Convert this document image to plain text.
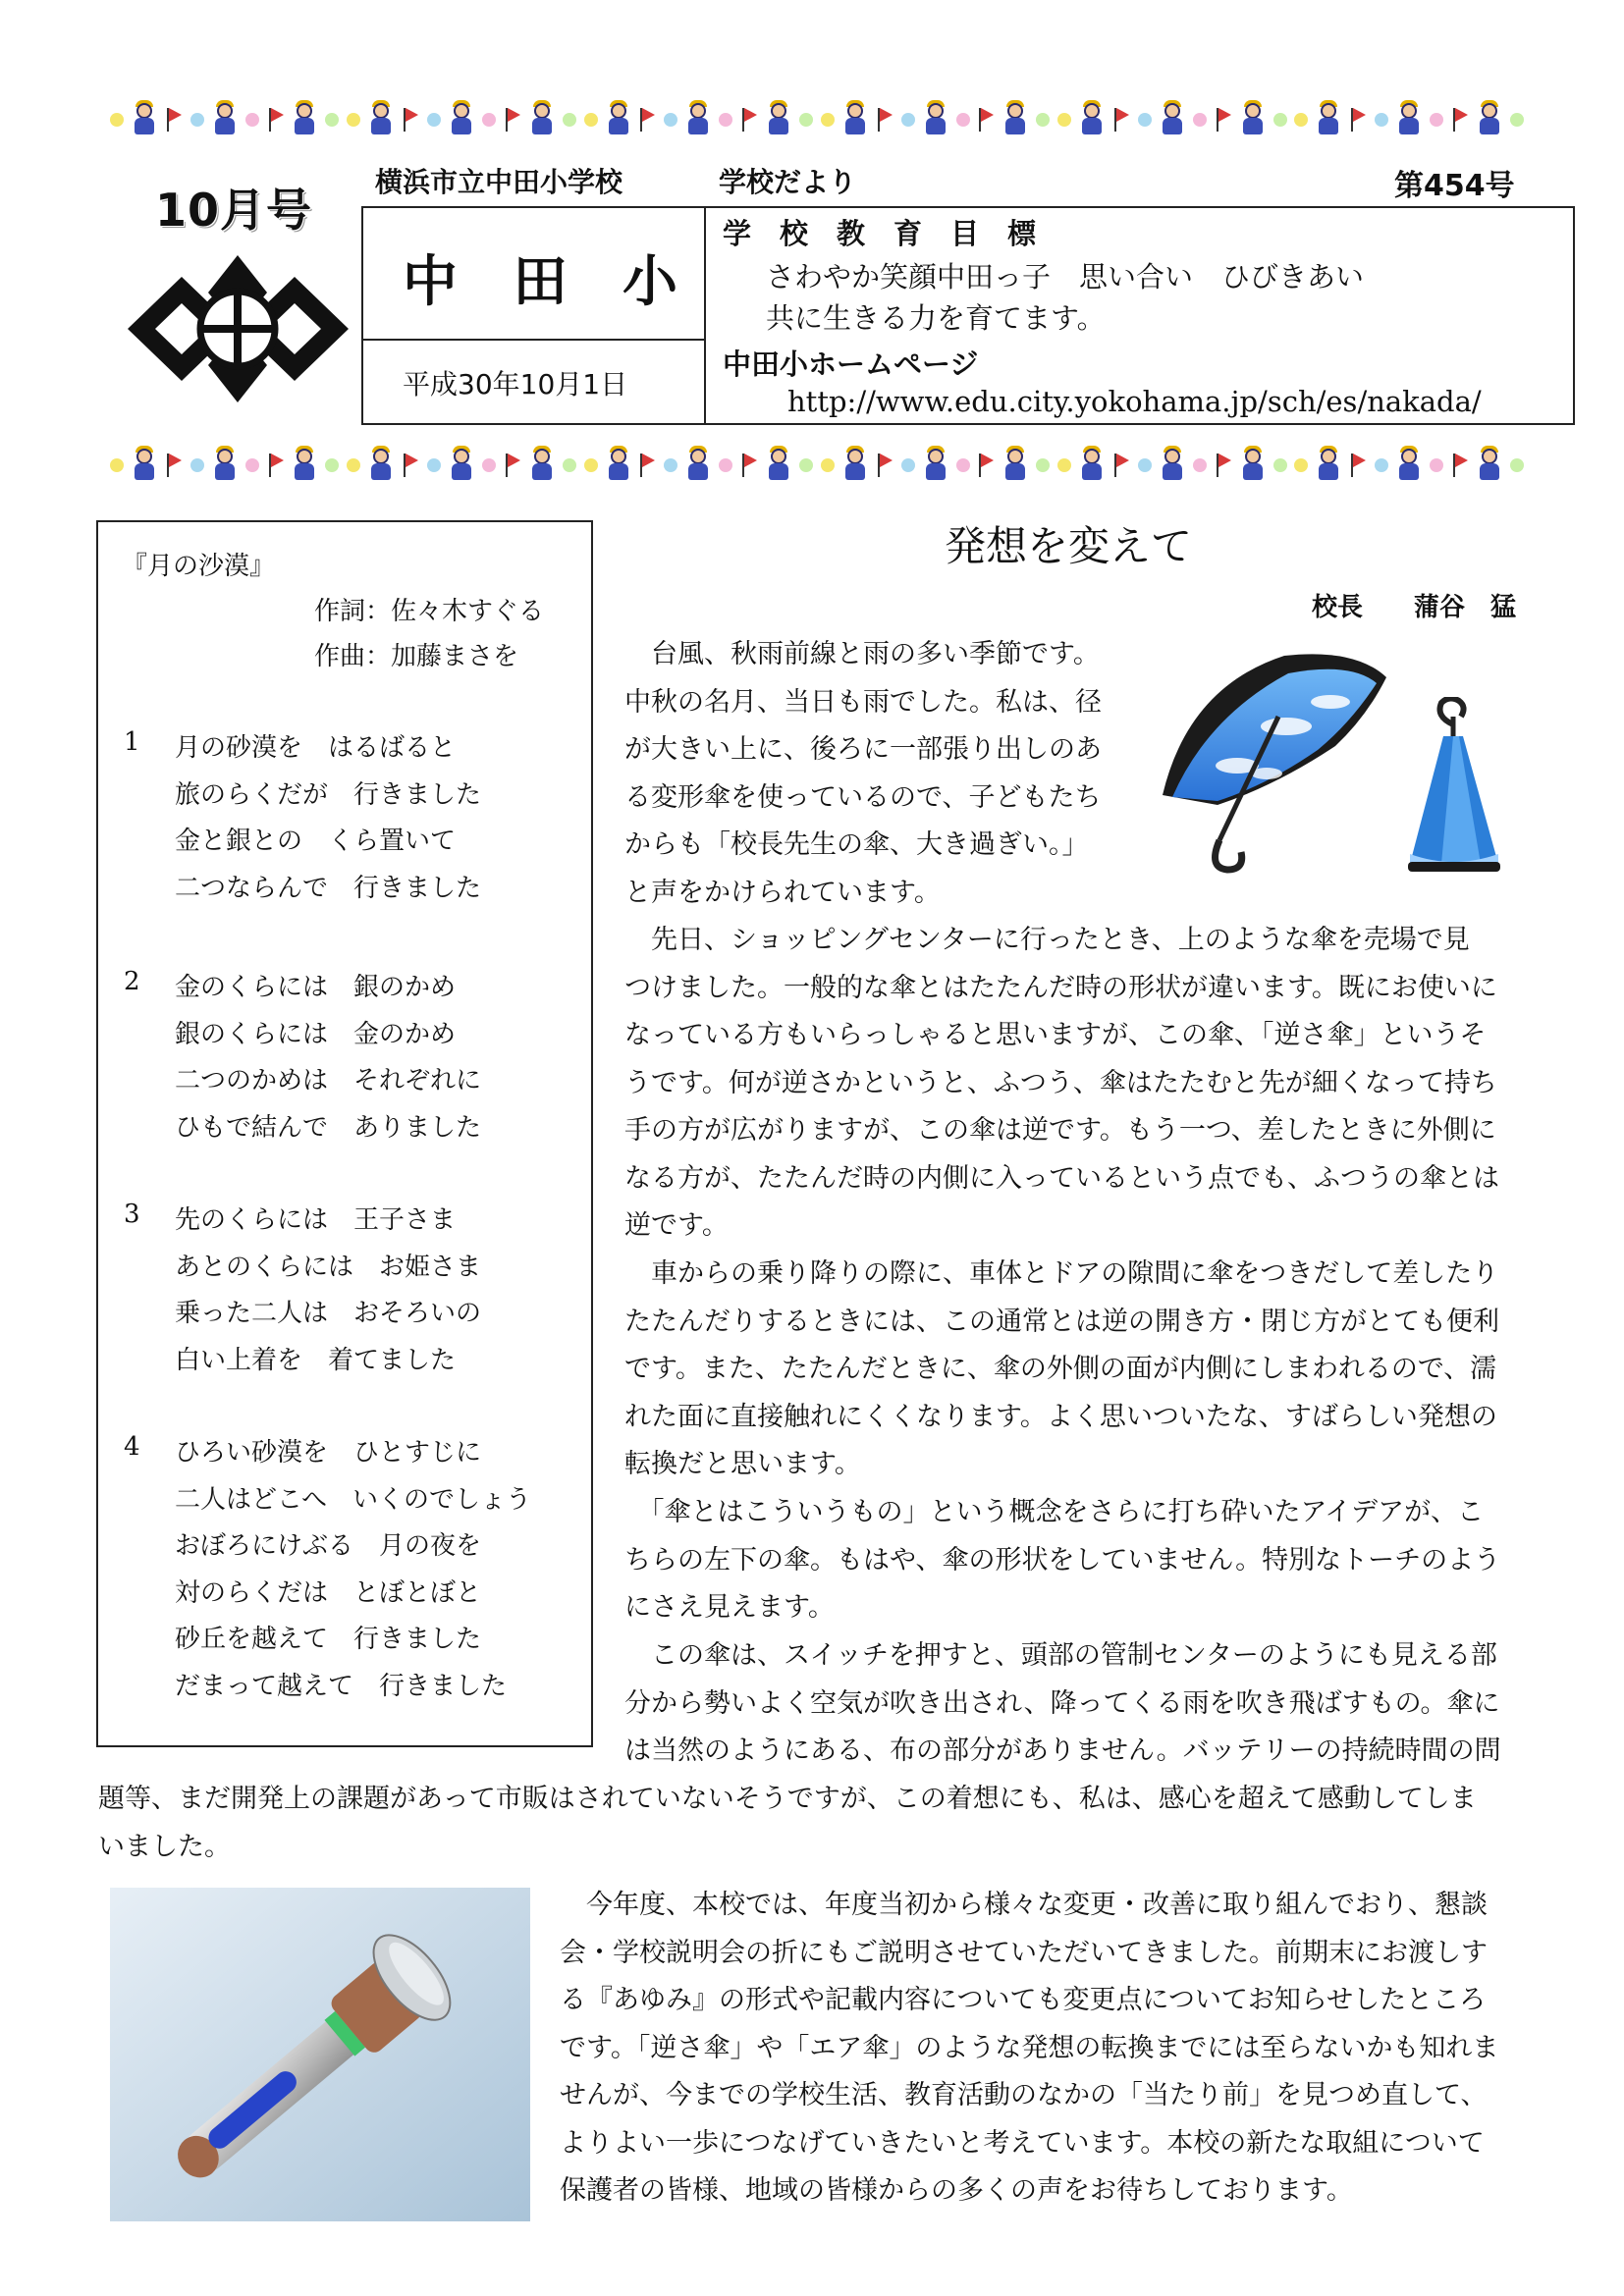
10月号
横浜市立中田小学校	学校だより	第454号
中　田　小
平成30年10月1日
学　校　教　育　目　標
さわやか笑顔中田っ子　思い合い　ひびきあい
共に生きる力を育てます。
中田小ホームページ
http://www.edu.city.yokohama.jp/sch/es/nakada/
『月の沙漠』
作詞：佐々木すぐる
作曲：加藤まさを
1 月の砂漠を　はるばると
旅のらくだが　行きました
金と銀との　くら置いて
二つならんで　行きました
2 金のくらには　銀のかめ
銀のくらには　金のかめ
二つのかめは　それぞれに
ひもで結んで　ありました
3 先のくらには　王子さま
あとのくらには　お姫さま
乗った二人は　おそろいの
白い上着を　着てました
4 ひろい砂漠を　ひとすじに
二人はどこへ　いくのでしょう
おぼろにけぶる　月の夜を
対のらくだは　とぼとぼと
砂丘を越えて　行きました
だまって越えて　行きました
発想を変えて
校長　　蒲谷　猛
　台風、秋雨前線と雨の多い季節です。
中秋の名月、当日も雨でした。私は、径
が大きい上に、後ろに一部張り出しのあ
る変形傘を使っているので、子どもたち
からも「校長先生の傘、大き過ぎい。」
と声をかけられています。
　先日、ショッピングセンターに行ったとき、上のような傘を売場で見
つけました。一般的な傘とはたたんだ時の形状が違います。既にお使いに
なっている方もいらっしゃると思いますが、この傘、「逆さ傘」というそ
うです。何が逆さかというと、ふつう、傘はたたむと先が細くなって持ち
手の方が広がりますが、この傘は逆です。もう一つ、差したときに外側に
なる方が、たたんだ時の内側に入っているという点でも、ふつうの傘とは
逆です。
　車からの乗り降りの際に、車体とドアの隙間に傘をつきだして差したり
たたんだりするときには、この通常とは逆の開き方・閉じ方がとても便利
です。また、たたんだときに、傘の外側の面が内側にしまわれるので、濡
れた面に直接触れにくくなります。よく思いついたな、すばらしい発想の
転換だと思います。
　「傘とはこういうもの」という概念をさらに打ち砕いたアイデアが、こ
ちらの左下の傘。もはや、傘の形状をしていません。特別なトーチのよう
にさえ見えます。
　この傘は、スイッチを押すと、頭部の管制センターのようにも見える部
分から勢いよく空気が吹き出され、降ってくる雨を吹き飛ばすもの。傘に
は当然のようにある、布の部分がありません。バッテリーの持続時間の問
題等、まだ開発上の課題があって市販はされていないそうですが、この着想にも、私は、感心を超えて感動してしま
いました。
　今年度、本校では、年度当初から様々な変更・改善に取り組んでおり、懇談
会・学校説明会の折にもご説明させていただいてきました。前期末にお渡しす
る『あゆみ』の形式や記載内容についても変更点についてお知らせしたところ
です。「逆さ傘」や「エア傘」のような発想の転換までには至らないかも知れま
せんが、今までの学校生活、教育活動のなかの「当たり前」を見つめ直して、
よりよい一歩につなげていきたいと考えています。本校の新たな取組について
保護者の皆様、地域の皆様からの多くの声をお待ちしております。
